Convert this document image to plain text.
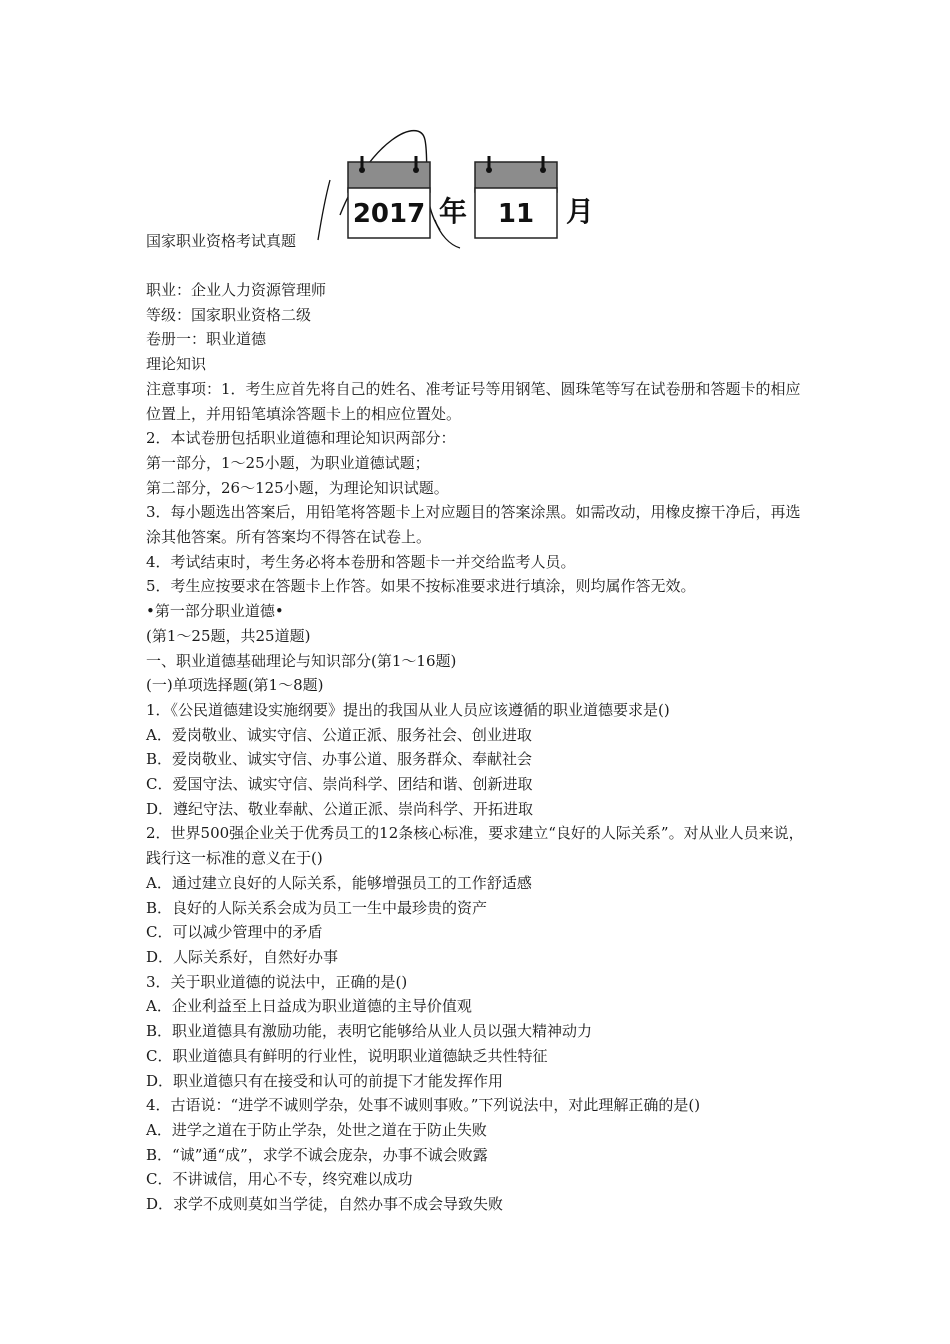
2017 年 11 月
国家职业资格考试真题
职业：企业人力资源管理师
等级：国家职业资格二级
卷册一：职业道德
理论知识
注意事项：1．考生应首先将自己的姓名、准考证号等用钢笔、圆珠笔等写在试卷册和答题卡的相应位置上，并用铅笔填涂答题卡上的相应位置处。
2．本试卷册包括职业道德和理论知识两部分：
第一部分，1～25小题，为职业道德试题；
第二部分，26～125小题，为理论知识试题。
3．每小题选出答案后，用铅笔将答题卡上对应题目的答案涂黑。如需改动，用橡皮擦干净后，再选涂其他答案。所有答案均不得答在试卷上。
4．考试结束时，考生务必将本卷册和答题卡一并交给监考人员。
5．考生应按要求在答题卡上作答。如果不按标准要求进行填涂，则均属作答无效。
•第一部分职业道德•
(第1～25题，共25道题)
一、职业道德基础理论与知识部分(第1～16题)
(一)单项选择题(第1～8题)
1．《公民道德建设实施纲要》提出的我国从业人员应该遵循的职业道德要求是()
A．爱岗敬业、诚实守信、公道正派、服务社会、创业进取
B．爱岗敬业、诚实守信、办事公道、服务群众、奉献社会
C．爱国守法、诚实守信、崇尚科学、团结和谐、创新进取
D．遵纪守法、敬业奉献、公道正派、崇尚科学、开拓进取
2．世界500强企业关于优秀员工的12条核心标准，要求建立“良好的人际关系”。对从业人员来说，践行这一标准的意义在于()
A．通过建立良好的人际关系，能够增强员工的工作舒适感
B．良好的人际关系会成为员工一生中最珍贵的资产
C．可以减少管理中的矛盾
D．人际关系好，自然好办事
3．关于职业道德的说法中，正确的是()
A．企业利益至上日益成为职业道德的主导价值观
B．职业道德具有激励功能，表明它能够给从业人员以强大精神动力
C．职业道德具有鲜明的行业性，说明职业道德缺乏共性特征
D．职业道德只有在接受和认可的前提下才能发挥作用
4．古语说：“进学不诚则学杂，处事不诚则事败。”下列说法中，对此理解正确的是()
A．进学之道在于防止学杂，处世之道在于防止失败
B．“诚”通“成”，求学不诚会庞杂，办事不诚会败露
C．不讲诚信，用心不专，终究难以成功
D．求学不成则莫如当学徒，自然办事不成会导致失败
